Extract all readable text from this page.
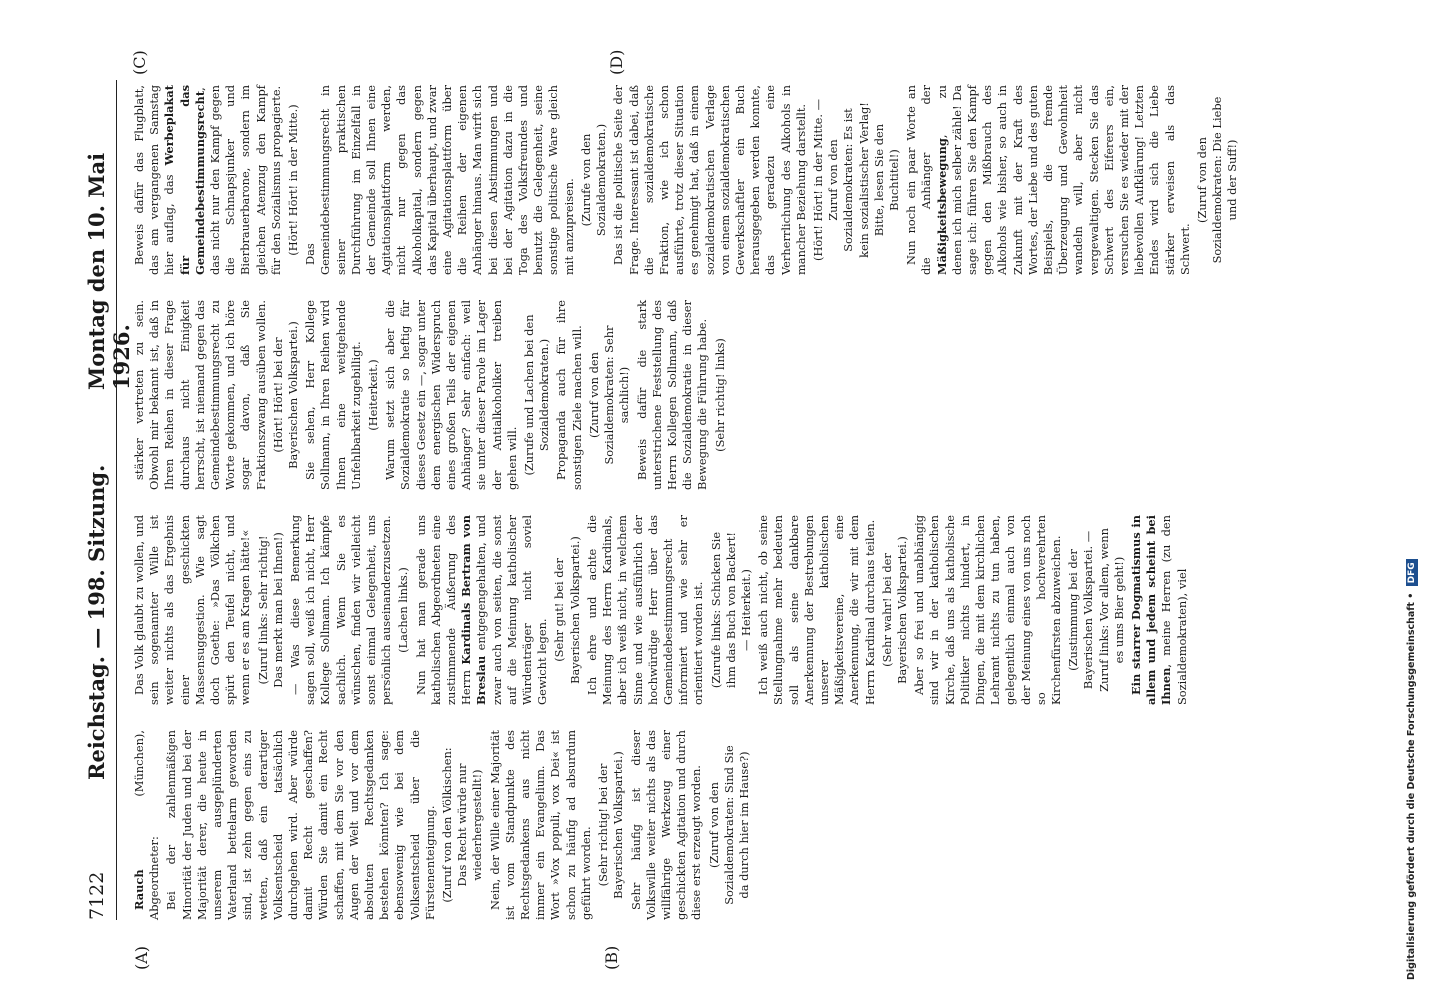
7122
Reichstag. — 198. Sitzung.
Montag den 10. Mai 1926.
(A)	(B)
(C)	(D)

Rauch (München), Abgeordneter: Bei der zahlenmäßigen Minorität der Juden und bei der Majorität derer, die heute in unserem ausgeplünderten Vaterland bettelarm geworden sind, ist zehn gegen eins zu wetten, daß ein derartiger Volksentscheid tatsächlich durchgehen wird. Aber würde damit Recht geschaffen? Würden Sie damit ein Recht schaffen, mit dem Sie vor den Augen der Welt und vor dem absoluten Rechtsgedanken bestehen könnten? Ich sage: ebensowenig wie bei dem Volksentscheid über die Fürstenenteignung. (Zuruf von den Völkischen: Das Recht würde nur wiederhergestellt!) Nein, der Wille einer Majorität ist vom Standpunkte des Rechtsgedankens aus nicht immer ein Evangelium. Das Wort »Vox populi, vox Dei« ist schon zu häufig ad absurdum geführt worden. (Sehr richtig! bei der Bayerischen Volkspartei.) Sehr häufig ist dieser Volkswille weiter nichts als das willfährige Werkzeug einer geschickten Agitation und durch diese erst erzeugt worden. (Zuruf von den Sozialdemokraten: Sind Sie da durch hier im Hause?)

stärker vertreten zu sein. Obwohl mir bekannt ist, daß in Ihren Reihen in dieser Frage durchaus nicht Einigkeit herrscht, ist niemand gegen das Gemeindebestimmungsrecht zu Worte gekommen, und ich höre sogar davon, daß Sie Fraktionszwang ausüben wollen. (Hört! Hört! bei der Bayerischen Volkspartei.) Sie sehen, Herr Kollege Sollmann, in Ihren Reihen wird Ihnen eine weitgehende Unfehlbarkeit zugebilligt. (Heiterkeit.) Warum setzt sich aber die Sozialdemokratie so heftig für dieses Gesetz ein —, sogar unter dem energischen Widerspruch eines großen Teils der eigenen Anhänger? Sehr einfach: weil sie unter dieser Parole im Lager der Antialkoholiker treiben gehen will. (Zurufe und Lachen bei den Sozialdemokraten.) Propaganda auch für ihre sonstigen Ziele machen will. (Zuruf von den Sozialdemokraten: Sehr sachlich!) Beweis dafür die stark unterstrichene Feststellung des Herrn Kollegen Sollmann, daß die Sozialdemokratie in dieser Bewegung die Führung habe. (Sehr richtig! links)

Das Volk glaubt zu wollen, und sein sogenannter Wille ist weiter nichts als das Ergebnis einer geschickten Massensuggestion. Wie sagt doch Goethe: »Das Völkchen spürt den Teufel nicht, und wenn er es am Kragen hätte!« (Zuruf links: Sehr richtig! Das merkt man bei Ihnen!) — Was diese Bemerkung sagen soll, weiß ich nicht, Herr Kollege Sollmann. Ich kämpfe sachlich. Wenn Sie es wünschen, finden wir vielleicht sonst einmal Gelegenheit, uns persönlich auseinanderzusetzen. (Lachen links.) Nun hat man gerade uns katholischen Abgeordneten eine zustimmende Äußerung des Herrn Kardinals Bertram von Breslau entgegengehalten, und zwar auch von seiten, die sonst auf die Meinung katholischer Würdenträger nicht soviel Gewicht legen. (Sehr gut! bei der Bayerischen Volkspartei.) Ich ehre und achte die Meinung des Herrn Kardinals, aber ich weiß nicht, in welchem Sinne und wie ausführlich der hochwürdige Herr über das Gemeindebestimmungsrecht informiert und wie sehr er orientiert worden ist. (Zurufe links: Schicken Sie ihm das Buch von Backert! — Heiterkeit.) Ich weiß auch nicht, ob seine Stellungnahme mehr bedeuten soll als seine dankbare Anerkennung der Bestrebungen unserer katholischen Mäßigkeitsvereine, eine Anerkennung, die wir mit dem Herrn Kardinal durchaus teilen. (Sehr wahr! bei der Bayerischen Volkspartei.) Aber so frei und unabhängig sind wir in der katholischen Kirche, daß uns als katholische Politiker nichts hindert, in Dingen, die mit dem kirchlichen Lehramt nichts zu tun haben, gelegentlich einmal auch von der Meinung eines von uns noch so hochverehrten Kirchenfürsten abzuweichen. (Zustimmung bei der Bayerischen Volkspartei. — Zuruf links: Vor allem, wenn es ums Bier geht!) Ein starrer Dogmatismus in allem und jedem scheint bei Ihnen, meine Herren (zu den Sozialdemokraten), viel

Beweis dafür das Flugblatt, das am vergangenen Samstag hier auflag, das Werbeplakat für das Gemeindebestimmungsrecht, das nicht nur den Kampf gegen die Schnapsjunker und Bierbrauerbarone, sondern im gleichen Atemzug den Kampf für den Sozialismus propagierte. (Hört! Hört! in der Mitte.) Das Gemeindebestimmungsrecht in seiner praktischen Durchführung im Einzelfall in der Gemeinde soll Ihnen eine Agitationsplattform werden, nicht nur gegen das Alkoholkapital, sondern gegen das Kapital überhaupt, und zwar eine Agitationsplattform über die Reihen der eigenen Anhänger hinaus. Man wirft sich bei diesen Abstimmungen und bei der Agitation dazu in die Toga des Volksfreundes und benutzt die Gelegenheit, seine sonstige politische Ware gleich mit anzupreisen. (Zurufe von den Sozialdemokraten.) Das ist die politische Seite der Frage. Interessant ist dabei, daß die sozialdemokratische Fraktion, wie ich schon ausführte, trotz dieser Situation es genehmigt hat, daß in einem sozialdemokratischen Verlage von einem sozialdemokratischen Gewerkschaftler ein Buch herausgegeben werden konnte, das geradezu eine Verherrlichung des Alkohols in mancher Beziehung darstellt. (Hört! Hört! in der Mitte. — Zuruf von den Sozialdemokraten: Es ist kein sozialistischer Verlag! Bitte, lesen Sie den Buchtitel!) Nun noch ein paar Worte an die Anhänger der Mäßigkeitsbewegung, zu denen ich mich selber zähle! Da sage ich: führen Sie den Kampf gegen den Mißbrauch des Alkohols wie bisher, so auch in Zukunft mit der Kraft des Wortes, der Liebe und des guten Beispiels, die fremde Überzeugung und Gewohnheit wandeln will, aber nicht vergewaltigen. Stecken Sie das Schwert des Eiferers ein, versuchen Sie es wieder mit der liebevollen Aufklärung! Letzten Endes wird sich die Liebe stärker erweisen als das Schwert.

(Zuruf von den Sozialdemokraten: Die Liebe und der Suff!)

Digitalisierung gefördert durch die Deutsche Forschungsgemeinschaft • DFG
